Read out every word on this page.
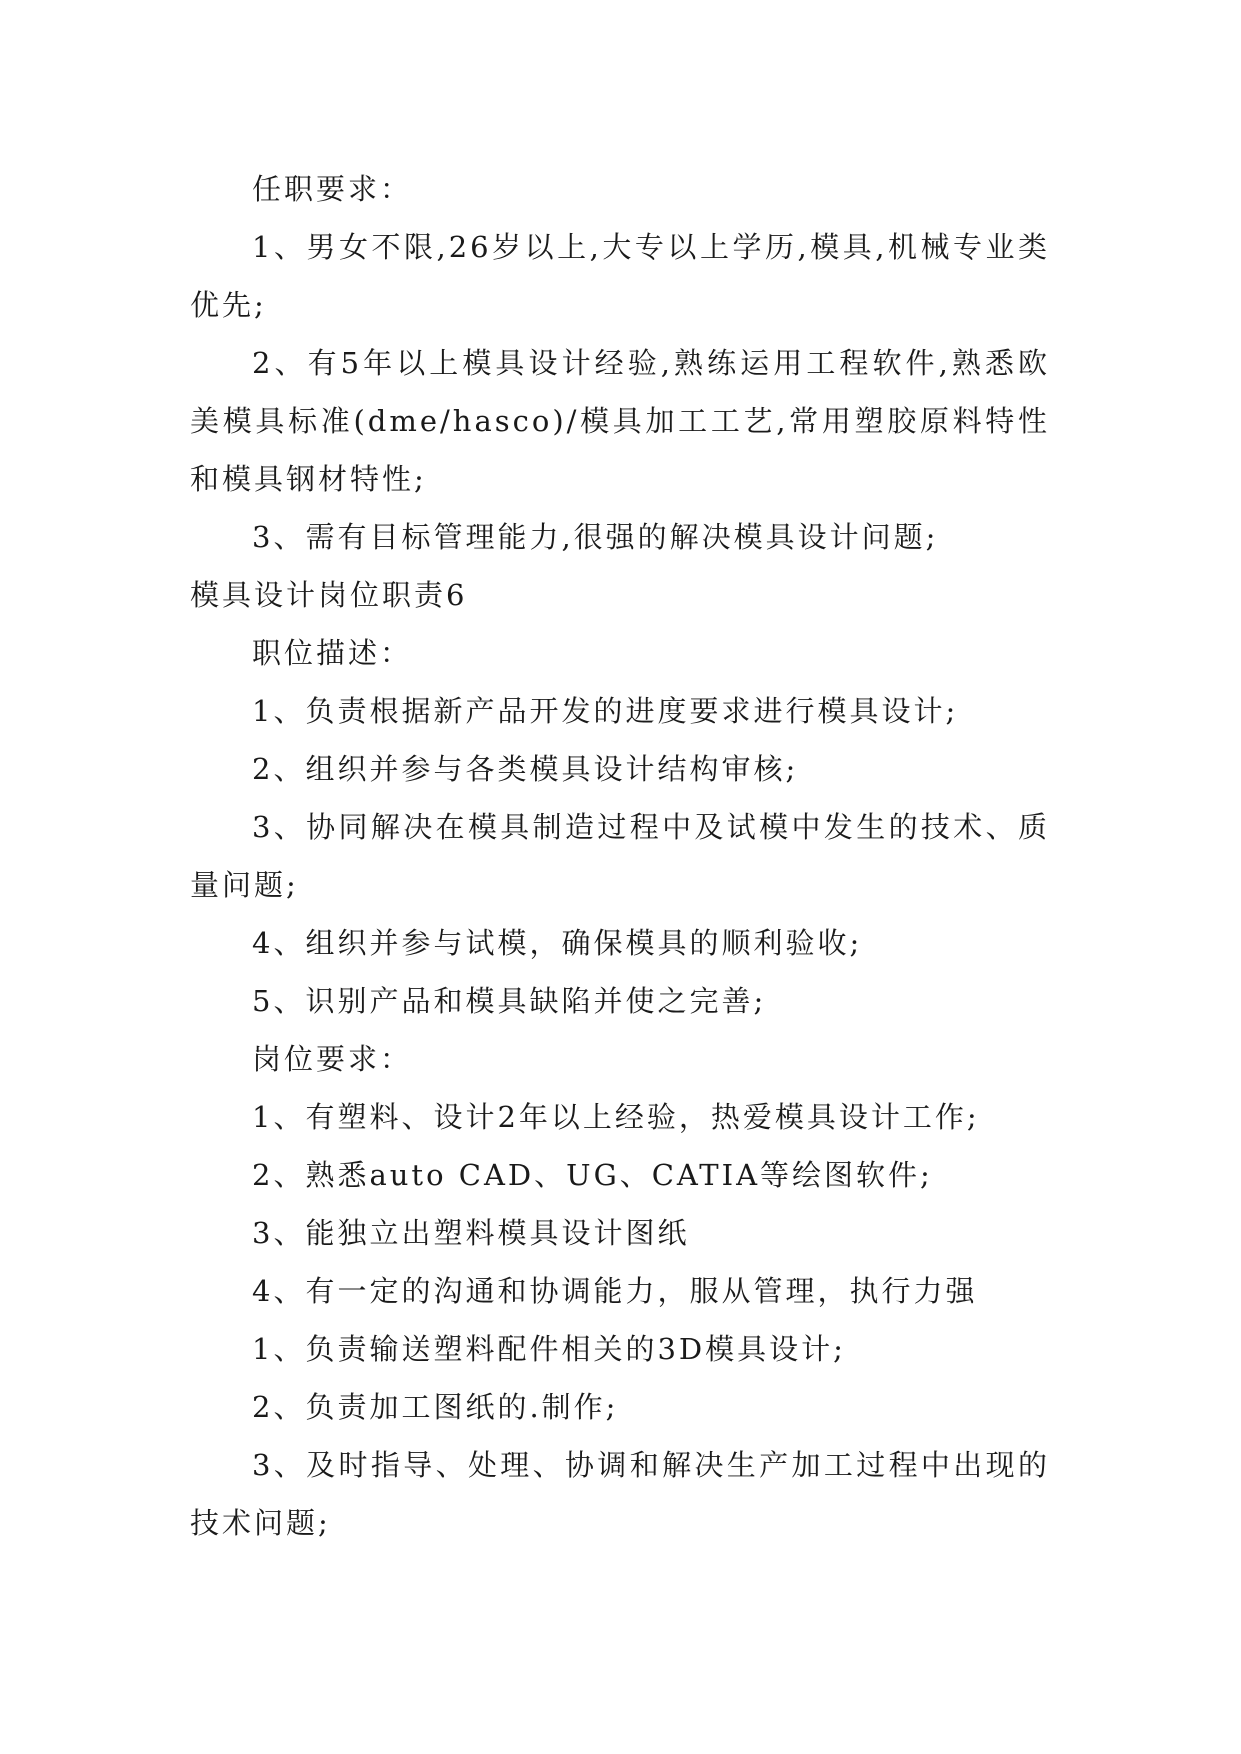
任职要求：

1、男女不限,26岁以上,大专以上学历,模具,机械专业类优先;

2、有5年以上模具设计经验,熟练运用工程软件,熟悉欧美模具标准(dme/hasco)/模具加工工艺,常用塑胶原料特性和模具钢材特性;

3、需有目标管理能力,很强的解决模具设计问题;

模具设计岗位职责6

职位描述：

1、负责根据新产品开发的进度要求进行模具设计;

2、组织并参与各类模具设计结构审核;

3、协同解决在模具制造过程中及试模中发生的技术、质量问题;

4、组织并参与试模，确保模具的顺利验收;

5、识别产品和模具缺陷并使之完善;

岗位要求：

1、有塑料、设计2年以上经验，热爱模具设计工作;

2、熟悉auto CAD、UG、CATIA等绘图软件;

3、能独立出塑料模具设计图纸

4、有一定的沟通和协调能力，服从管理，执行力强

1、负责输送塑料配件相关的3D模具设计;

2、负责加工图纸的.制作;

3、及时指导、处理、协调和解决生产加工过程中出现的技术问题;
